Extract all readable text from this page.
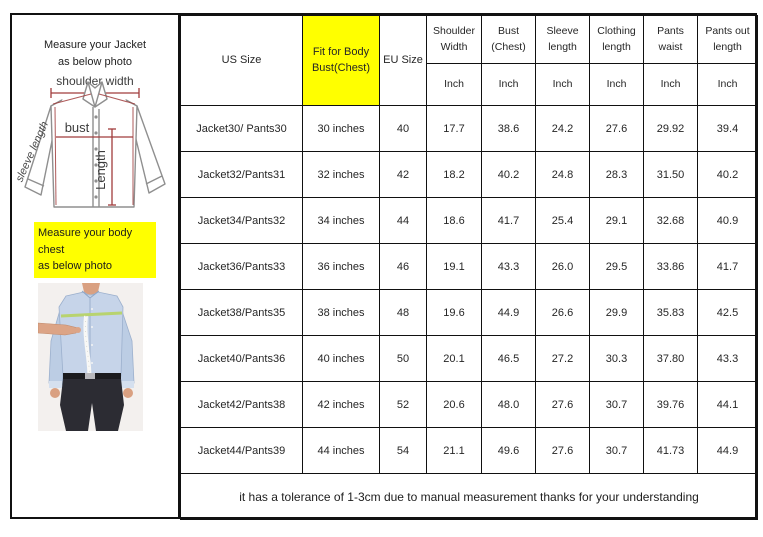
Measure your Jacket
as below photo
shoulder width
bust
Length
sleeve length
Measure your body chest
as below photo
US Size	Fit for Body Bust(Chest)	EU Size	Shoulder Width	Bust (Chest)	Sleeve length	Clothing length	Pants waist	Pants out length
			Inch	Inch	Inch	Inch	Inch	Inch
Jacket30/ Pants30	30 inches	40	17.7	38.6	24.2	27.6	29.92	39.4
Jacket32/Pants31	32 inches	42	18.2	40.2	24.8	28.3	31.50	40.2
Jacket34/Pants32	34 inches	44	18.6	41.7	25.4	29.1	32.68	40.9
Jacket36/Pants33	36 inches	46	19.1	43.3	26.0	29.5	33.86	41.7
Jacket38/Pants35	38 inches	48	19.6	44.9	26.6	29.9	35.83	42.5
Jacket40/Pants36	40 inches	50	20.1	46.5	27.2	30.3	37.80	43.3
Jacket42/Pants38	42 inches	52	20.6	48.0	27.6	30.7	39.76	44.1
Jacket44/Pants39	44 inches	54	21.1	49.6	27.6	30.7	41.73	44.9
it has a tolerance of 1-3cm due to manual measurement thanks for your understanding								
